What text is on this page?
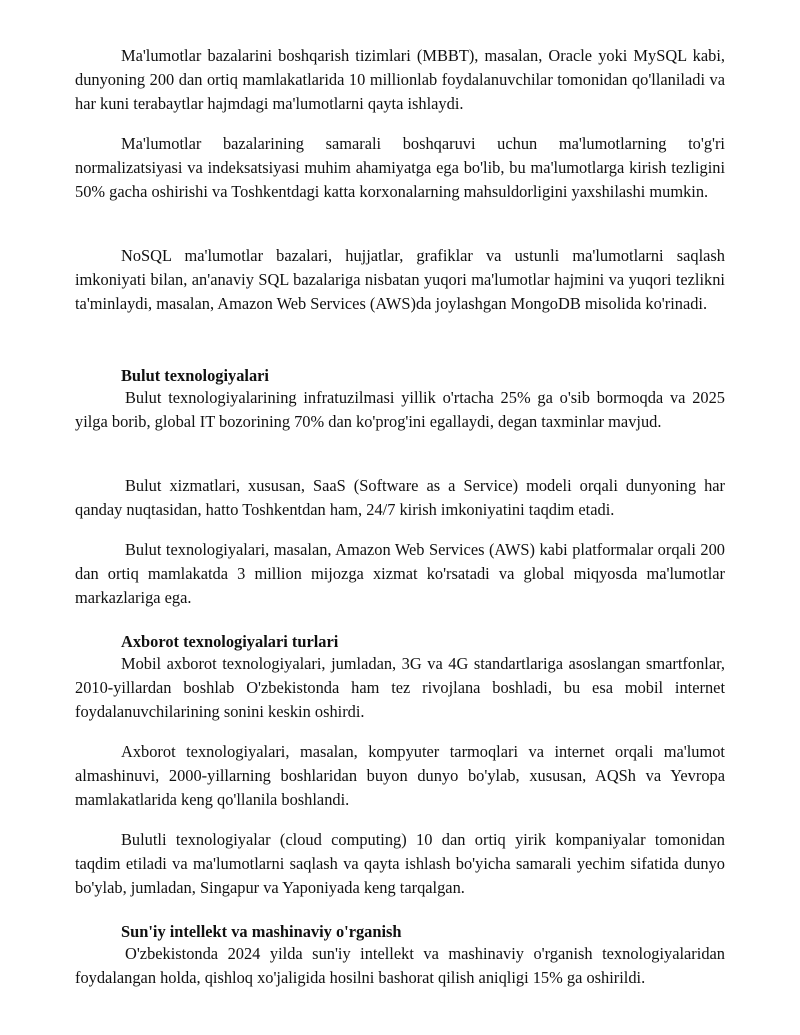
Ma'lumotlar bazalarini boshqarish tizimlari (MBBT), masalan, Oracle yoki MySQL kabi, dunyoning 200 dan ortiq mamlakatlarida 10 millionlab foydalanuvchilar tomonidan qo'llaniladi va har kuni terabaytlar hajmdagi ma'lumotlarni qayta ishlaydi.

Ma'lumotlar bazalarining samarali boshqaruvi uchun ma'lumotlarning to'g'ri normalizatsiyasi va indeksatsiyasi muhim ahamiyatga ega bo'lib, bu ma'lumotlarga kirish tezligini 50% gacha oshirishi va Toshkentdagi katta korxonalarning mahsuldorligini yaxshilashi mumkin.

NoSQL ma'lumotlar bazalari, hujjatlar, grafiklar va ustunli ma'lumotlarni saqlash imkoniyati bilan, an'anaviy SQL bazalariga nisbatan yuqori ma'lumotlar hajmini va yuqori tezlikni ta'minlaydi, masalan, Amazon Web Services (AWS)da joylashgan MongoDB misolida ko'rinadi.

Bulut texnologiyalari

Bulut texnologiyalarining infratuzilmasi yillik o'rtacha 25% ga o'sib bormoqda va 2025 yilga borib, global IT bozorining 70% dan ko'prog'ini egallaydi, degan taxminlar mavjud.

Bulut xizmatlari, xususan, SaaS (Software as a Service) modeli orqali dunyoning har qanday nuqtasidan, hatto Toshkentdan ham, 24/7 kirish imkoniyatini taqdim etadi.

Bulut texnologiyalari, masalan, Amazon Web Services (AWS) kabi platformalar orqali 200 dan ortiq mamlakatda 3 million mijozga xizmat ko'rsatadi va global miqyosda ma'lumotlar markazlariga ega.

Axborot texnologiyalari turlari

Mobil axborot texnologiyalari, jumladan, 3G va 4G standartlariga asoslangan smartfonlar, 2010-yillardan boshlab O'zbekistonda ham tez rivojlana boshladi, bu esa mobil internet foydalanuvchilarining sonini keskin oshirdi.

Axborot texnologiyalari, masalan, kompyuter tarmoqlari va internet orqali ma'lumot almashinuvi, 2000-yillarning boshlaridan buyon dunyo bo'ylab, xususan, AQSh va Yevropa mamlakatlarida keng qo'llanila boshlandi.

Bulutli texnologiyalar (cloud computing) 10 dan ortiq yirik kompaniyalar tomonidan taqdim etiladi va ma'lumotlarni saqlash va qayta ishlash bo'yicha samarali yechim sifatida dunyo bo'ylab, jumladan, Singapur va Yaponiyada keng tarqalgan.

Sun'iy intellekt va mashinaviy o'rganish

O'zbekistonda 2024 yilda sun'iy intellekt va mashinaviy o'rganish texnologiyalaridan foydalangan holda, qishloq xo'jaligida hosilni bashorat qilish aniqligi 15% ga oshirildi.
